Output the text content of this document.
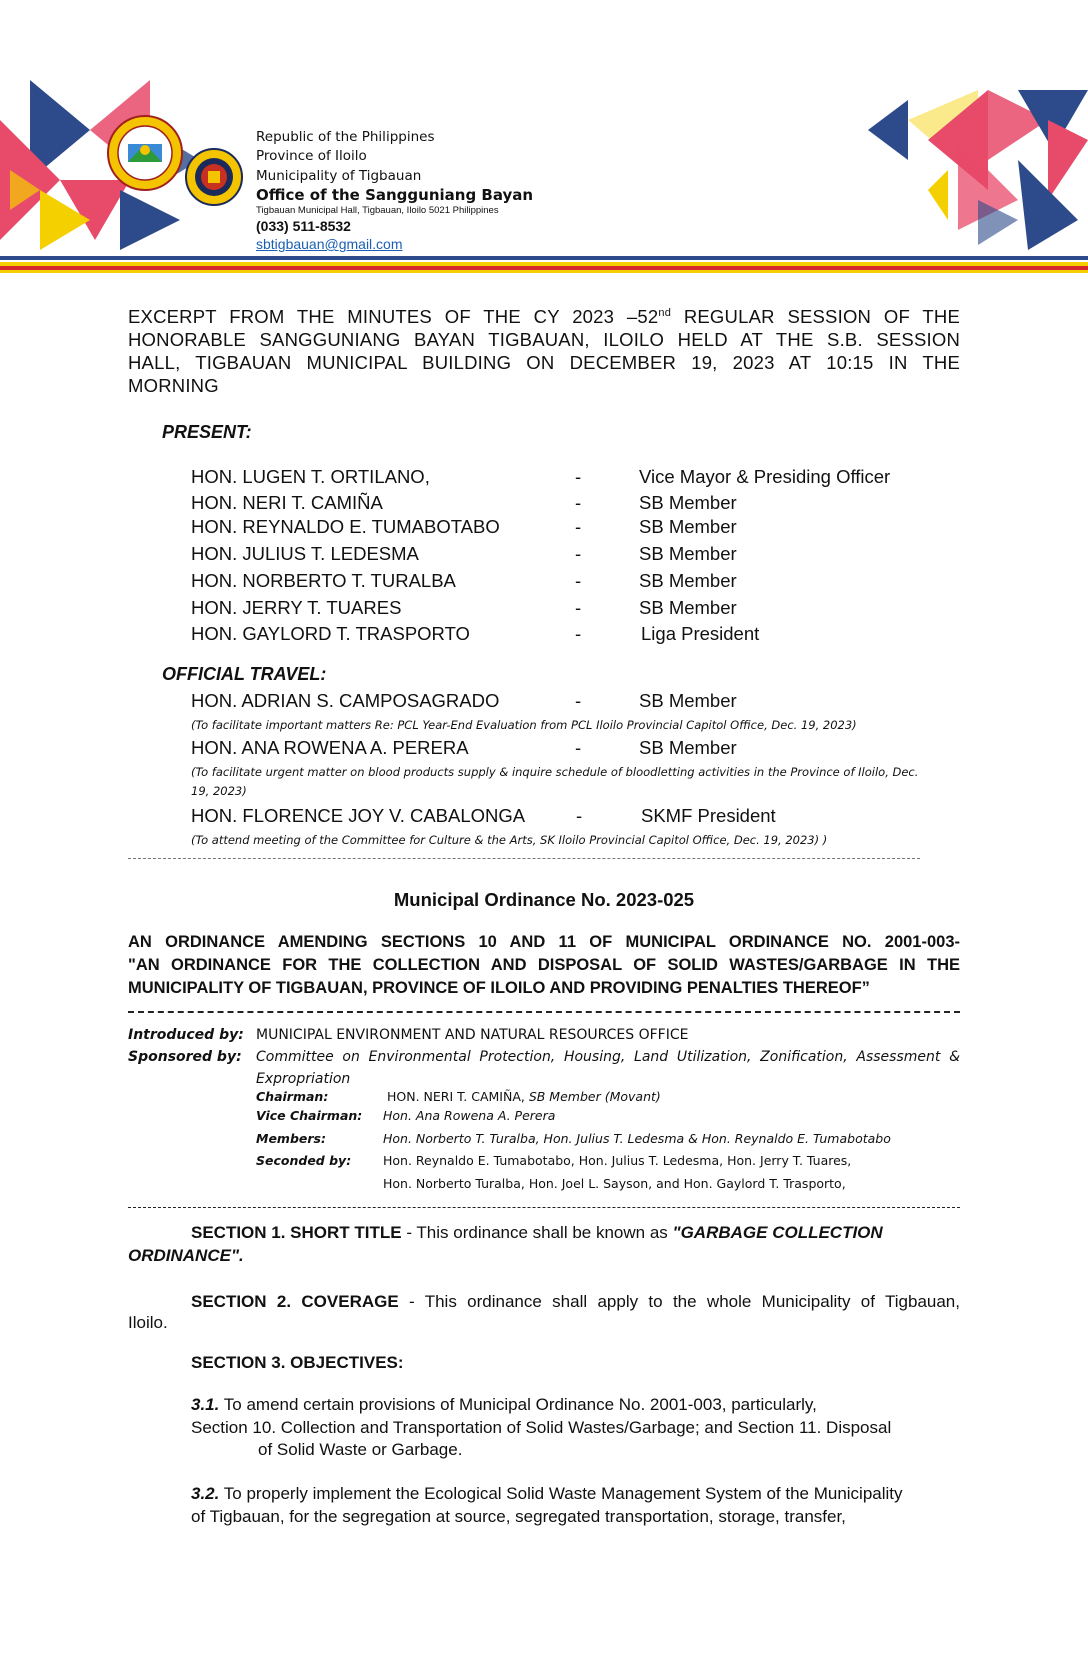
Republic of the Philippines
Province of Iloilo
Municipality of Tigbauan
Office of the Sangguniang Bayan
Tigbauan Municipal Hall, Tigbauan, Iloilo 5021 Philippines
(033) 511-8532
sbtigbauan@gmail.com
EXCERPT FROM THE MINUTES OF THE CY 2023 –52nd REGULAR SESSION OF THE
HONORABLE SANGGUNIANG BAYAN TIGBAUAN, ILOILO HELD AT THE S.B. SESSION
HALL, TIGBAUAN MUNICIPAL BUILDING ON DECEMBER 19, 2023 AT 10:15 IN THE
MORNING
PRESENT:
HON. LUGEN T. ORTILANO,	-	Vice Mayor & Presiding Officer
HON. NERI T. CAMIÑA	-	SB Member
HON. REYNALDO E. TUMABOTABO	-	SB Member
HON. JULIUS T. LEDESMA	-	SB Member
HON. NORBERTO T. TURALBA	-	SB Member
HON. JERRY T. TUARES	-	SB Member
HON. GAYLORD T. TRASPORTO	-	Liga President
OFFICIAL TRAVEL:
HON. ADRIAN S. CAMPOSAGRADO	-	SB Member
(To facilitate important matters Re: PCL Year-End Evaluation from PCL Iloilo Provincial Capitol Office, Dec. 19, 2023)
HON. ANA ROWENA A. PERERA	-	SB Member
(To facilitate urgent matter on blood products supply & inquire schedule of bloodletting activities in the Province of Iloilo, Dec. 19, 2023)
HON. FLORENCE JOY V. CABALONGA	-	SKMF President
(To attend meeting of the Committee for Culture & the Arts, SK Iloilo Provincial Capitol Office, Dec. 19, 2023) )
Municipal Ordinance No. 2023-025
AN ORDINANCE AMENDING SECTIONS 10 AND 11 OF MUNICIPAL ORDINANCE NO. 2001-003-
"AN ORDINANCE FOR THE COLLECTION AND DISPOSAL OF SOLID WASTES/GARBAGE IN THE
MUNICIPALITY OF TIGBAUAN, PROVINCE OF ILOILO AND PROVIDING PENALTIES THEREOF”
Introduced by: MUNICIPAL ENVIRONMENT AND NATURAL RESOURCES OFFICE
Sponsored by: Committee on Environmental Protection, Housing, Land Utilization, Zonification, Assessment &
Expropriation
Chairman:	HON. NERI T. CAMIÑA, SB Member (Movant)
Vice Chairman: Hon. Ana Rowena A. Perera
Members:	Hon. Norberto T. Turalba, Hon. Julius T. Ledesma & Hon. Reynaldo E. Tumabotabo
Seconded by:	Hon. Reynaldo E. Tumabotabo, Hon. Julius T. Ledesma, Hon. Jerry T. Tuares,
Hon. Norberto Turalba, Hon. Joel L. Sayson, and Hon. Gaylord T. Trasporto,
SECTION 1. SHORT TITLE - This ordinance shall be known as "GARBAGE COLLECTION
ORDINANCE".
SECTION 2. COVERAGE - This ordinance shall apply to the whole Municipality of Tigbauan,
Iloilo.
SECTION 3. OBJECTIVES:
3.1. To amend certain provisions of Municipal Ordinance No. 2001-003, particularly,
Section 10. Collection and Transportation of Solid Wastes/Garbage; and Section 11. Disposal
of Solid Waste or Garbage.
3.2. To properly implement the Ecological Solid Waste Management System of the Municipality
of Tigbauan, for the segregation at source, segregated transportation, storage, transfer,
